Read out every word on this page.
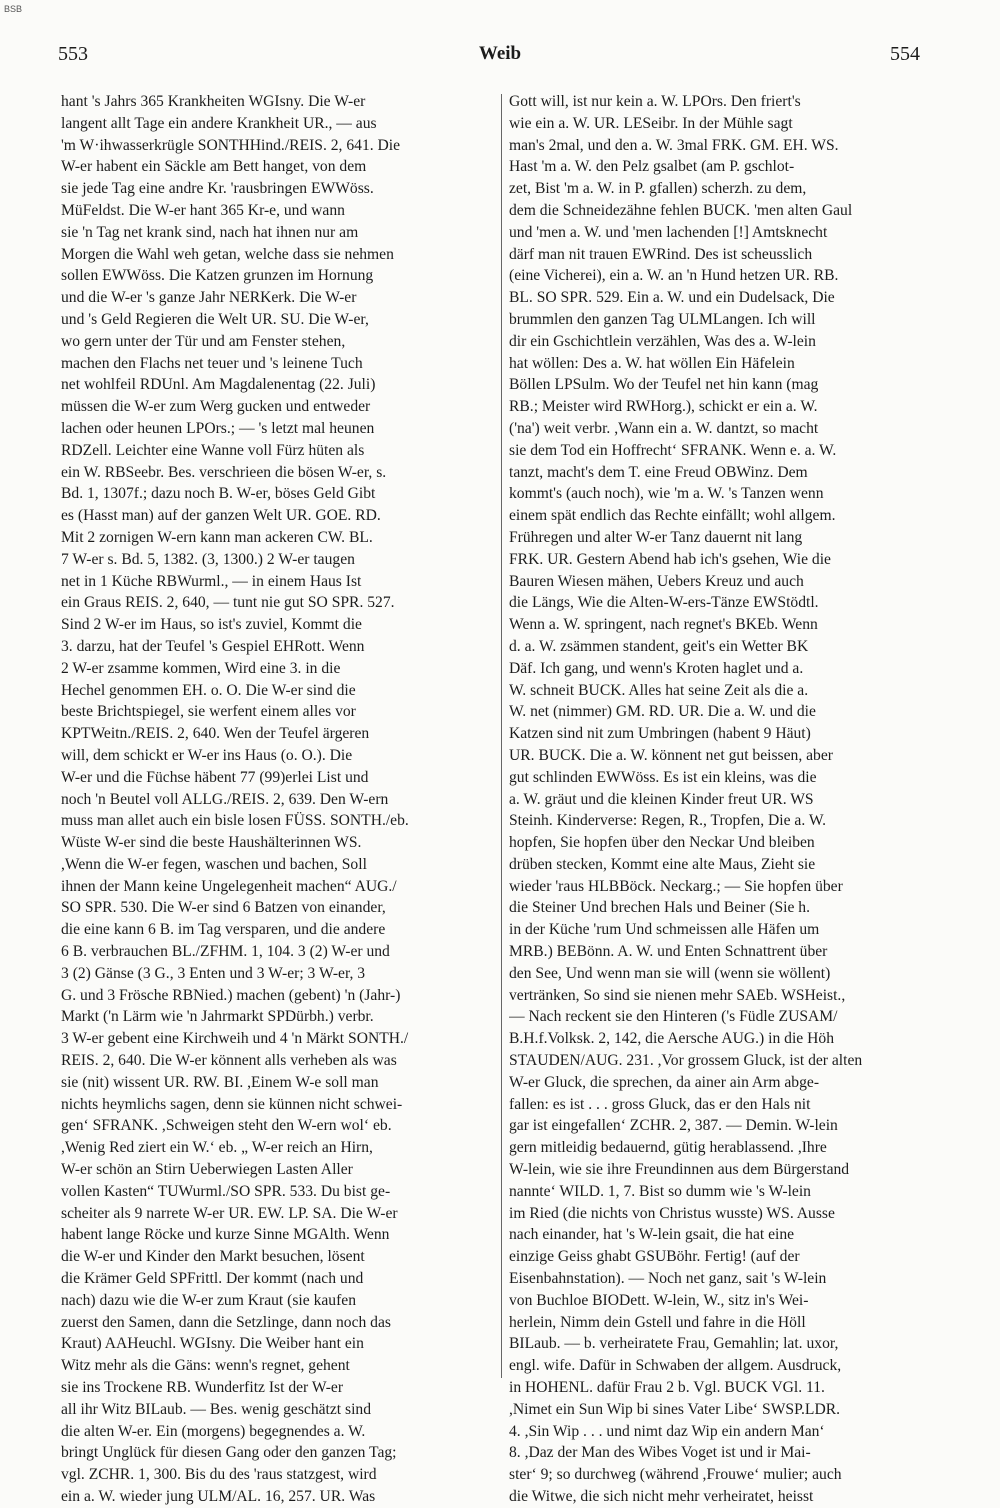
BSB
553	Weib	554
hant 's Jahrs 365 Krankheiten WGIsny. Die W-er
langent allt Tage ein andere Krankheit UR., — aus
'm W·ihwasserkrügle SONTHHind./REIS. 2, 641. Die
W-er habent ein Säckle am Bett hanget, von dem
sie jede Tag eine andre Kr. 'rausbringen EWWöss.
MüFeldst. Die W-er hant 365 Kr-e, und wann
sie 'n Tag net krank sind, nach hat ihnen nur am
Morgen die Wahl weh getan, welche dass sie nehmen
sollen EWWöss. Die Katzen grunzen im Hornung
und die W-er 's ganze Jahr NERKerk. Die W-er
und 's Geld Regieren die Welt UR. SU. Die W-er,
wo gern unter der Tür und am Fenster stehen,
machen den Flachs net teuer und 's leinene Tuch
net wohlfeil RDUnl. Am Magdalenentag (22. Juli)
müssen die W-er zum Werg gucken und entweder
lachen oder heunen LPOrs.; — 's letzt mal heunen
RDZell. Leichter eine Wanne voll Fürz hüten als
ein W. RBSeebr. Bes. verschrieen die bösen W-er, s.
Bd. 1, 1307f.; dazu noch B. W-er, böses Geld Gibt
es (Hasst man) auf der ganzen Welt UR. GOE. RD.
Mit 2 zornigen W-ern kann man ackeren CW. BL.
7 W-er s. Bd. 5, 1382. (3, 1300.) 2 W-er taugen
net in 1 Küche RBWurml., — in einem Haus Ist
ein Graus REIS. 2, 640, — tunt nie gut SO SPR. 527.
Sind 2 W-er im Haus, so ist's zuviel, Kommt die
3. darzu, hat der Teufel 's Gespiel EHRott. Wenn
2 W-er zsamme kommen, Wird eine 3. in die
Hechel genommen EH. o. O. Die W-er sind die
beste Brichtspiegel, sie werfent einem alles vor
KPTWeitn./REIS. 2, 640. Wen der Teufel ärgeren
will, dem schickt er W-er ins Haus (o. O.). Die
W-er und die Füchse häbent 77 (99)erlei List und
noch 'n Beutel voll ALLG./REIS. 2, 639. Den W-ern
muss man allet auch ein bisle losen FÜSS. SONTH./eb.
Wüste W-er sind die beste Haushälterinnen WS.
,Wenn die W-er fegen, waschen und bachen, Soll
ihnen der Mann keine Ungelegenheit machen“ AUG./
SO SPR. 530. Die W-er sind 6 Batzen von einander,
die eine kann 6 B. im Tag versparen, und die andere
6 B. verbrauchen BL./ZFHM. 1, 104. 3 (2) W-er und
3 (2) Gänse (3 G., 3 Enten und 3 W-er; 3 W-er, 3
G. und 3 Frösche RBNied.) machen (gebent) 'n (Jahr-)
Markt ('n Lärm wie 'n Jahrmarkt SPDürbh.) verbr.
3 W-er gebent eine Kirchweih und 4 'n Märkt SONTH./
REIS. 2, 640. Die W-er könnent alls verheben als was
sie (nit) wissent UR. RW. BI. ,Einem W-e soll man
nichts heymlichs sagen, denn sie künnen nicht schwei-
gen‘ SFRANK. ,Schweigen steht den W-ern wol‘ eb.
,Wenig Red ziert ein W.‘ eb. „ W-er reich an Hirn,
W-er schön an Stirn Ueberwiegen Lasten Aller
vollen Kasten“ TUWurml./SO SPR. 533. Du bist ge-
scheiter als 9 narrete W-er UR. EW. LP. SA. Die W-er
habent lange Röcke und kurze Sinne MGAlth. Wenn
die W-er und Kinder den Markt besuchen, lösent
die Krämer Geld SPFrittl. Der kommt (nach und
nach) dazu wie die W-er zum Kraut (sie kaufen
zuerst den Samen, dann die Setzlinge, dann noch das
Kraut) AAHeuchl. WGIsny. Die Weiber hant ein
Witz mehr als die Gäns: wenn's regnet, gehent
sie ins Trockene RB. Wunderfitz Ist der W-er
all ihr Witz BILaub. — Bes. wenig geschätzt sind
die alten W-er. Ein (morgens) begegnendes a. W.
bringt Unglück für diesen Gang oder den ganzen Tag;
vgl. ZCHR. 1, 300. Bis du des 'raus statzgest, wird
ein a. W. wieder jung ULM/AL. 16, 257. UR. Was
Gott will, ist nur kein a. W. LPOrs. Den friert's
wie ein a. W. UR. LESeibr. In der Mühle sagt
man's 2mal, und den a. W. 3mal FRK. GM. EH. WS.
Hast 'm a. W. den Pelz gsalbet (am P. gschlot-
zet, Bist 'm a. W. in P. gfallen) scherzh. zu dem,
dem die Schneidezähne fehlen BUCK. 'men alten Gaul
und 'men a. W. und 'men lachenden [!] Amtsknecht
därf man nit trauen EWRind. Des ist scheusslich
(eine Vicherei), ein a. W. an 'n Hund hetzen UR. RB.
BL. SO SPR. 529. Ein a. W. und ein Dudelsack, Die
brummlen den ganzen Tag ULMLangen. Ich will
dir ein Gschichtlein verzählen, Was des a. W-lein
hat wöllen: Des a. W. hat wöllen Ein Häfelein
Böllen LPSulm. Wo der Teufel net hin kann (mag
RB.; Meister wird RWHorg.), schickt er ein a. W.
('na') weit verbr. ,Wann ein a. W. dantzt, so macht
sie dem Tod ein Hoffrecht‘ SFRANK. Wenn e. a. W.
tanzt, macht's dem T. eine Freud OBWinz. Dem
kommt's (auch noch), wie 'm a. W. 's Tanzen wenn
einem spät endlich das Rechte einfällt; wohl allgem.
Frühregen und alter W-er Tanz dauernt nit lang
FRK. UR. Gestern Abend hab ich's gsehen, Wie die
Bauren Wiesen mähen, Uebers Kreuz und auch
die Längs, Wie die Alten-W-ers-Tänze EWStödtl.
Wenn a. W. springent, nach regnet's BKEb. Wenn
d. a. W. zsämmen standent, geit's ein Wetter BK
Däf. Ich gang, und wenn's Kroten haglet und a.
W. schneit BUCK. Alles hat seine Zeit als die a.
W. net (nimmer) GM. RD. UR. Die a. W. und die
Katzen sind nit zum Umbringen (habent 9 Häut)
UR. BUCK. Die a. W. könnent net gut beissen, aber
gut schlinden EWWöss. Es ist ein kleins, was die
a. W. gräut und die kleinen Kinder freut UR. WS
Steinh. Kinderverse: Regen, R., Tropfen, Die a. W.
hopfen, Sie hopfen über den Neckar Und bleiben
drüben stecken, Kommt eine alte Maus, Zieht sie
wieder 'raus HLBBöck. Neckarg.; — Sie hopfen über
die Steiner Und brechen Hals und Beiner (Sie h.
in der Küche 'rum Und schmeissen alle Häfen um
MRB.) BEBönn. A. W. und Enten Schnattrent über
den See, Und wenn man sie will (wenn sie wöllent)
vertränken, So sind sie nienen mehr SAEb. WSHeist.,
— Nach reckent sie den Hinteren ('s Füdle ZUSAM/
B.H.f.Volksk. 2, 142, die Aersche AUG.) in die Höh
STAUDEN/AUG. 231. ,Vor grossem Gluck, ist der alten
W-er Gluck, die sprechen, da ainer ain Arm abge-
fallen: es ist . . . gross Gluck, das er den Hals nit
gar ist eingefallen‘ ZCHR. 2, 387. — Demin. W-lein
gern mitleidig bedauernd, gütig herablassend. ,Ihre
W-lein, wie sie ihre Freundinnen aus dem Bürgerstand
nannte‘ WILD. 1, 7. Bist so dumm wie 's W-lein
im Ried (die nichts von Christus wusste) WS. Ausse
nach einander, hat 's W-lein gsait, die hat eine
einzige Geiss ghabt GSUBöhr. Fertig! (auf der
Eisenbahnstation). — Noch net ganz, sait 's W-lein
von Buchloe BIODett. W-lein, W., sitz in's Wei-
herlein, Nimm dein Gstell und fahre in die Höll
BILaub. — b. verheiratete Frau, Gemahlin; lat. uxor,
engl. wife. Dafür in Schwaben der allgem. Ausdruck,
in HOHENL. dafür Frau 2 b. Vgl. BUCK VGl. 11.
,Nimet ein Sun Wip bi sines Vater Libe‘ SWSP.LDR.
4. ,Sin Wip . . . und nimt daz Wip ein andern Man‘
8. ,Daz der Man des Wibes Voget ist und ir Mai-
ster‘ 9; so durchweg (während ,Frouwe‘ mulier; auch
die Witwe, die sich nicht mehr verheiratet, heisst
